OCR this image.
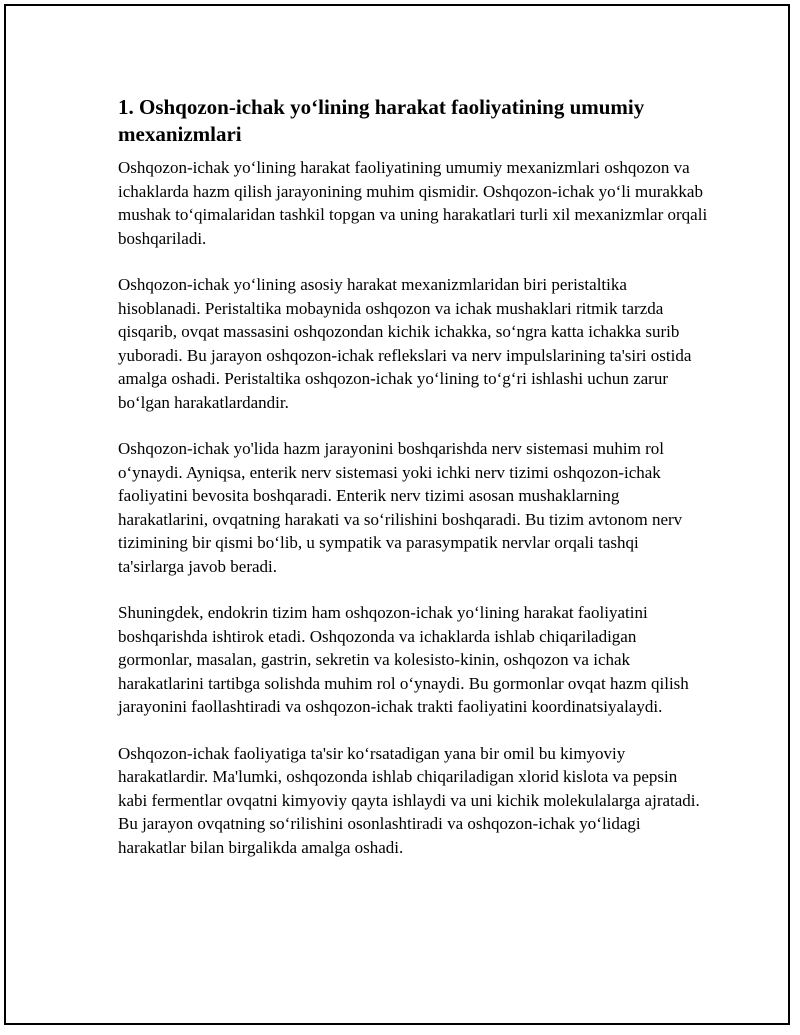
1. Oshqozon-ichak yo‘lining harakat faoliyatining umumiy mexanizmlari

Oshqozon-ichak yo‘lining harakat faoliyatining umumiy mexanizmlari oshqozon va ichaklarda hazm qilish jarayonining muhim qismidir. Oshqozon-ichak yo‘li murakkab mushak to‘qimalaridan tashkil topgan va uning harakatlari turli xil mexanizmlar orqali boshqariladi.

Oshqozon-ichak yo‘lining asosiy harakat mexanizmlaridan biri peristaltika hisoblanadi. Peristaltika mobaynida oshqozon va ichak mushaklari ritmik tarzda qisqarib, ovqat massasini oshqozondan kichik ichakka, so‘ngra katta ichakka surib yuboradi. Bu jarayon oshqozon-ichak reflekslari va nerv impulslarining ta'siri ostida amalga oshadi. Peristaltika oshqozon-ichak yo‘lining to‘g‘ri ishlashi uchun zarur bo‘lgan harakatlardandir.

Oshqozon-ichak yo'lida hazm jarayonini boshqarishda nerv sistemasi muhim rol o‘ynaydi. Ayniqsa, enterik nerv sistemasi yoki ichki nerv tizimi oshqozon-ichak faoliyatini bevosita boshqaradi. Enterik nerv tizimi asosan mushaklarning harakatlarini, ovqatning harakati va so‘rilishini boshqaradi. Bu tizim avtonom nerv tizimining bir qismi bo‘lib, u sympatik va parasympatik nervlar orqali tashqi ta'sirlarga javob beradi.

Shuningdek, endokrin tizim ham oshqozon-ichak yo‘lining harakat faoliyatini boshqarishda ishtirok etadi. Oshqozonda va ichaklarda ishlab chiqariladigan gormonlar, masalan, gastrin, sekretin va kolesisto-kinin, oshqozon va ichak harakatlarini tartibga solishda muhim rol o‘ynaydi. Bu gormonlar ovqat hazm qilish jarayonini faollashtiradi va oshqozon-ichak trakti faoliyatini koordinatsiyalaydi.

Oshqozon-ichak faoliyatiga ta'sir ko‘rsatadigan yana bir omil bu kimyoviy harakatlardir. Ma'lumki, oshqozonda ishlab chiqariladigan xlorid kislota va pepsin kabi fermentlar ovqatni kimyoviy qayta ishlaydi va uni kichik molekulalarga ajratadi. Bu jarayon ovqatning so‘rilishini osonlashtiradi va oshqozon-ichak yo‘lidagi harakatlar bilan birgalikda amalga oshadi.
